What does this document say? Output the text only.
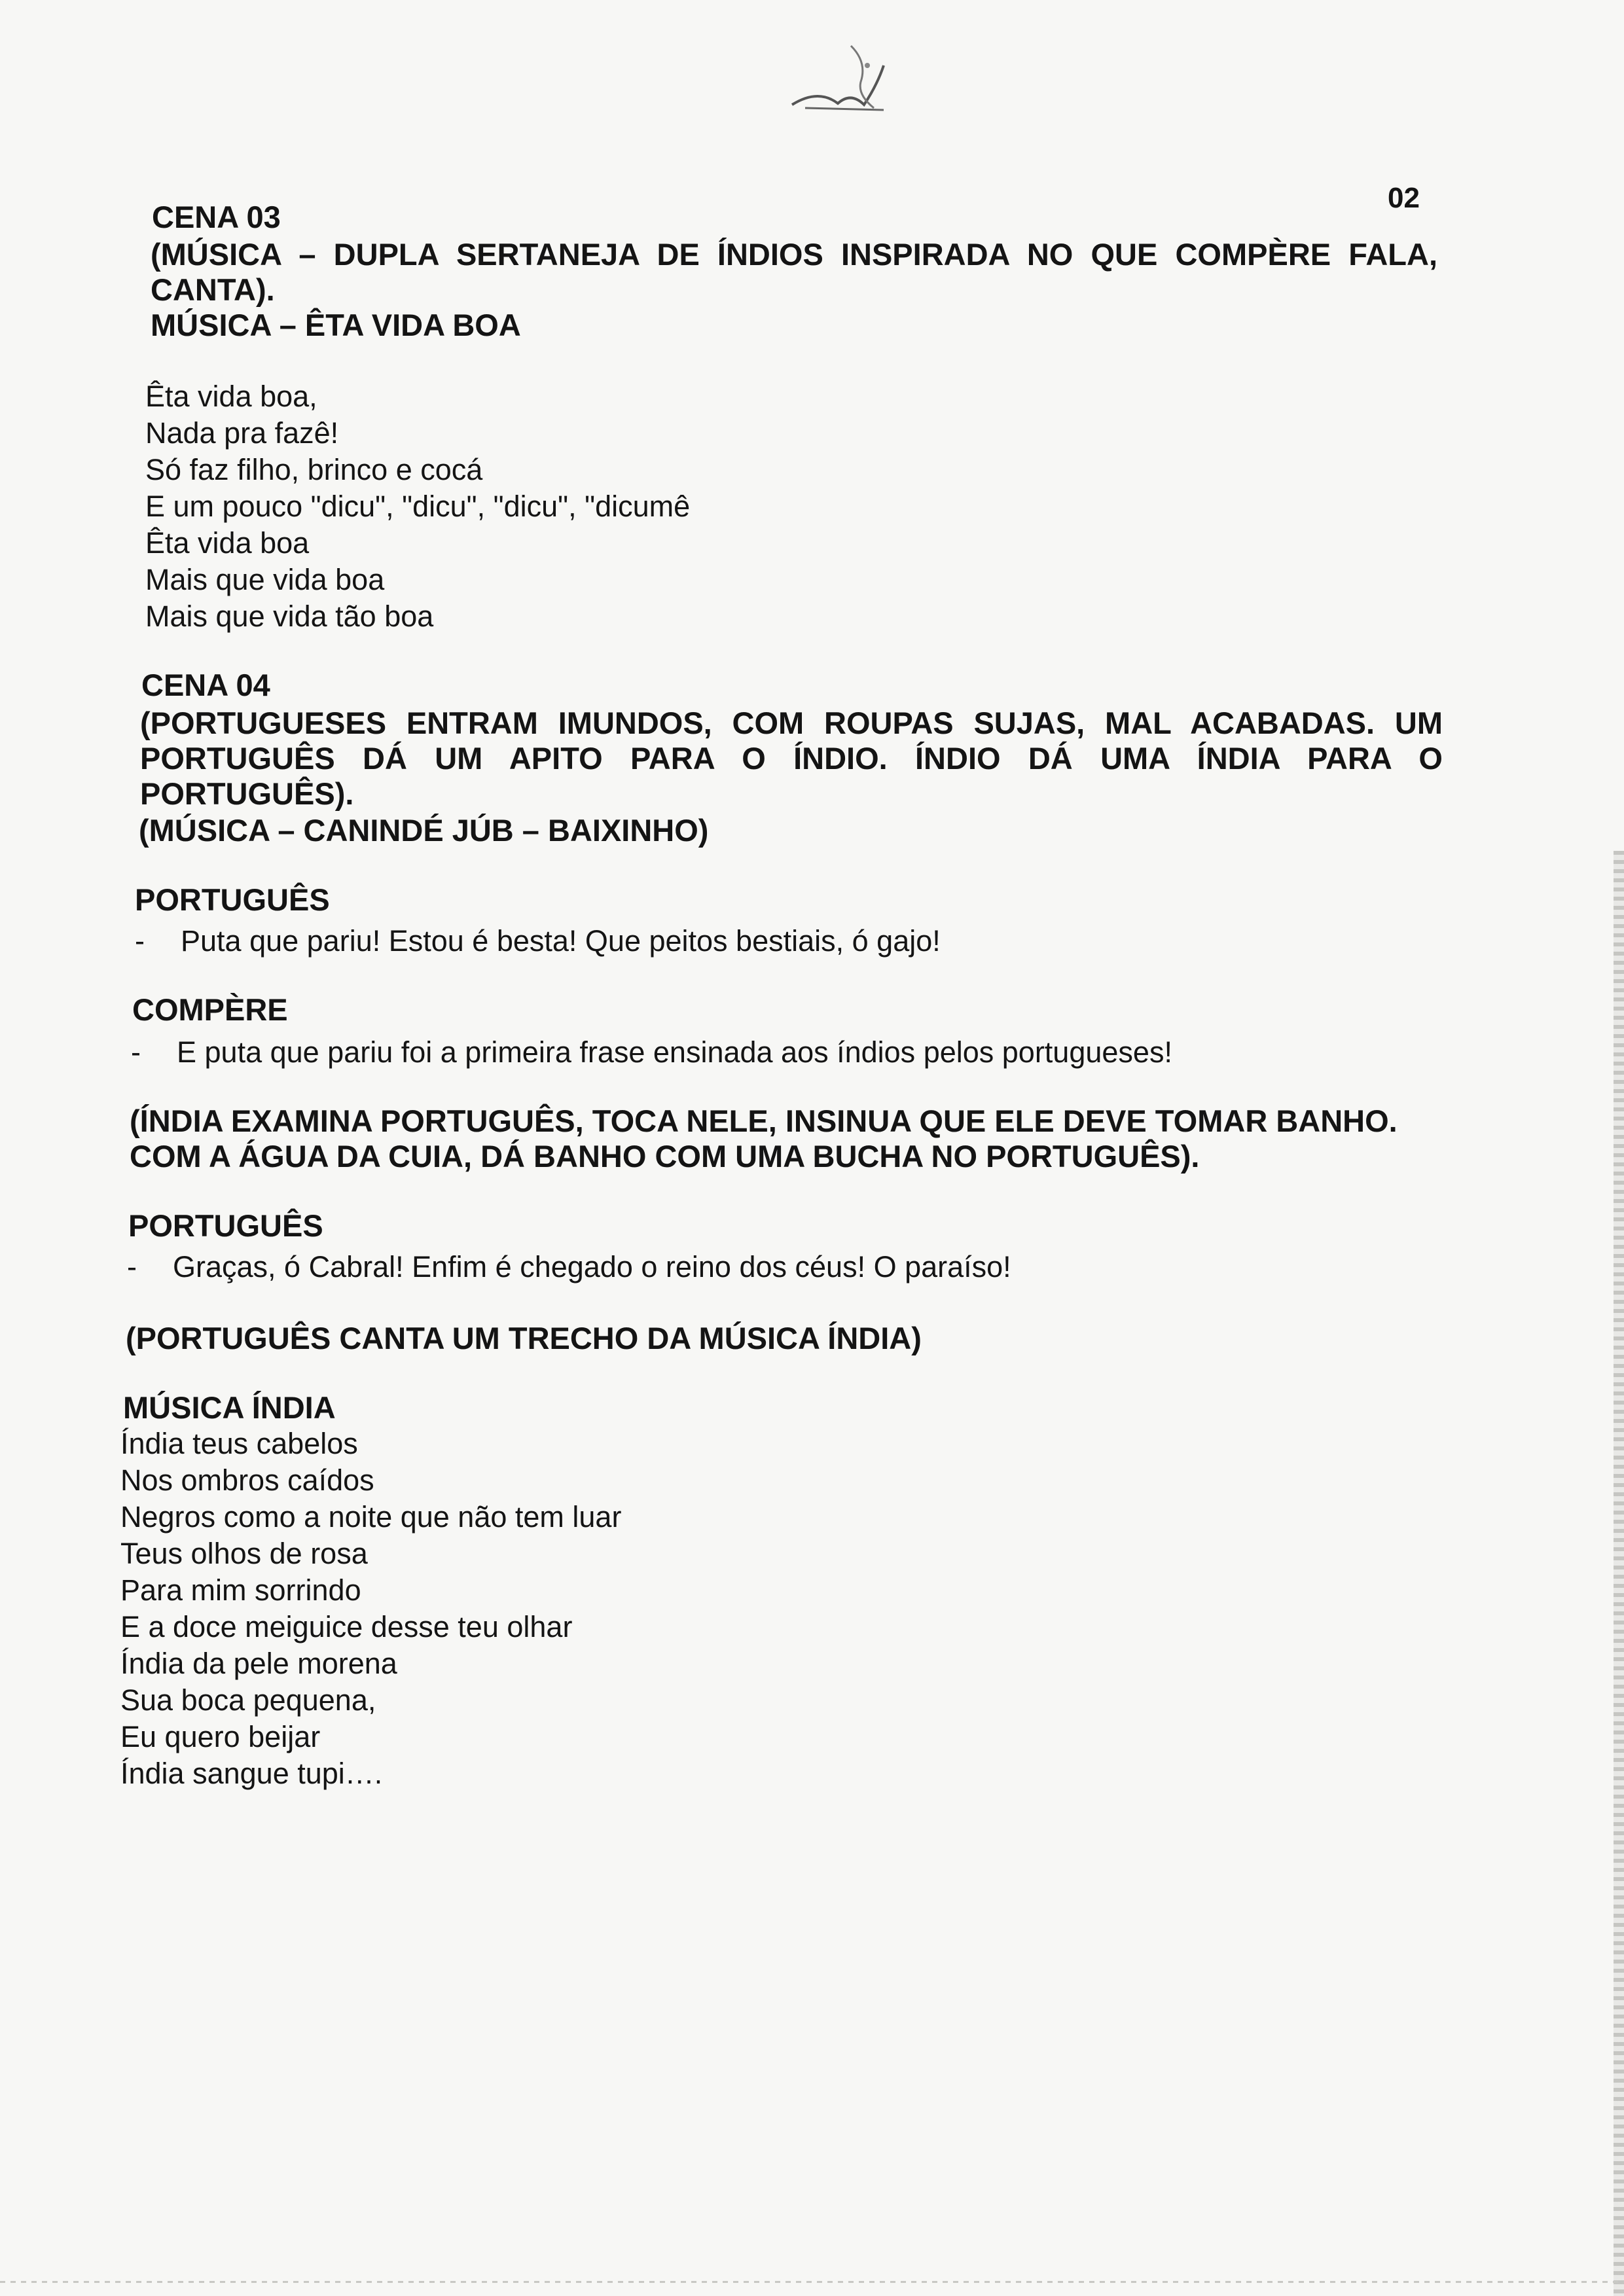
02
CENA 03
(MÚSICA – DUPLA SERTANEJA DE ÍNDIOS INSPIRADA NO QUE COMPÈRE FALA,
CANTA).
MÚSICA – ÊTA VIDA BOA
Êta vida boa,
Nada pra fazê!
Só faz filho, brinco e cocá
E um pouco "dicu", "dicu", "dicu", "dicumê
Êta vida boa
Mais que vida boa
Mais que vida tão boa
CENA 04
(PORTUGUESES ENTRAM IMUNDOS, COM ROUPAS SUJAS, MAL ACABADAS. UM
PORTUGUÊS DÁ UM APITO PARA O ÍNDIO. ÍNDIO DÁ UMA ÍNDIA PARA O
PORTUGUÊS).
(MÚSICA – CANINDÉ JÚB – BAIXINHO)
PORTUGUÊS
-	Puta que pariu! Estou é besta! Que peitos bestiais, ó gajo!
COMPÈRE
-	E puta que pariu foi a primeira frase ensinada aos índios pelos portugueses!
(ÍNDIA EXAMINA PORTUGUÊS, TOCA NELE, INSINUA QUE ELE DEVE TOMAR BANHO.
COM A ÁGUA DA CUIA, DÁ BANHO COM UMA BUCHA NO PORTUGUÊS).
PORTUGUÊS
-	Graças, ó Cabral! Enfim é chegado o reino dos céus! O paraíso!
(PORTUGUÊS CANTA UM TRECHO DA MÚSICA ÍNDIA)
MÚSICA ÍNDIA
Índia teus cabelos
Nos ombros caídos
Negros como a noite que não tem luar
Teus olhos de rosa
Para mim sorrindo
E a doce meiguice desse teu olhar
Índia da pele morena
Sua boca pequena,
Eu quero beijar
Índia sangue tupi….
